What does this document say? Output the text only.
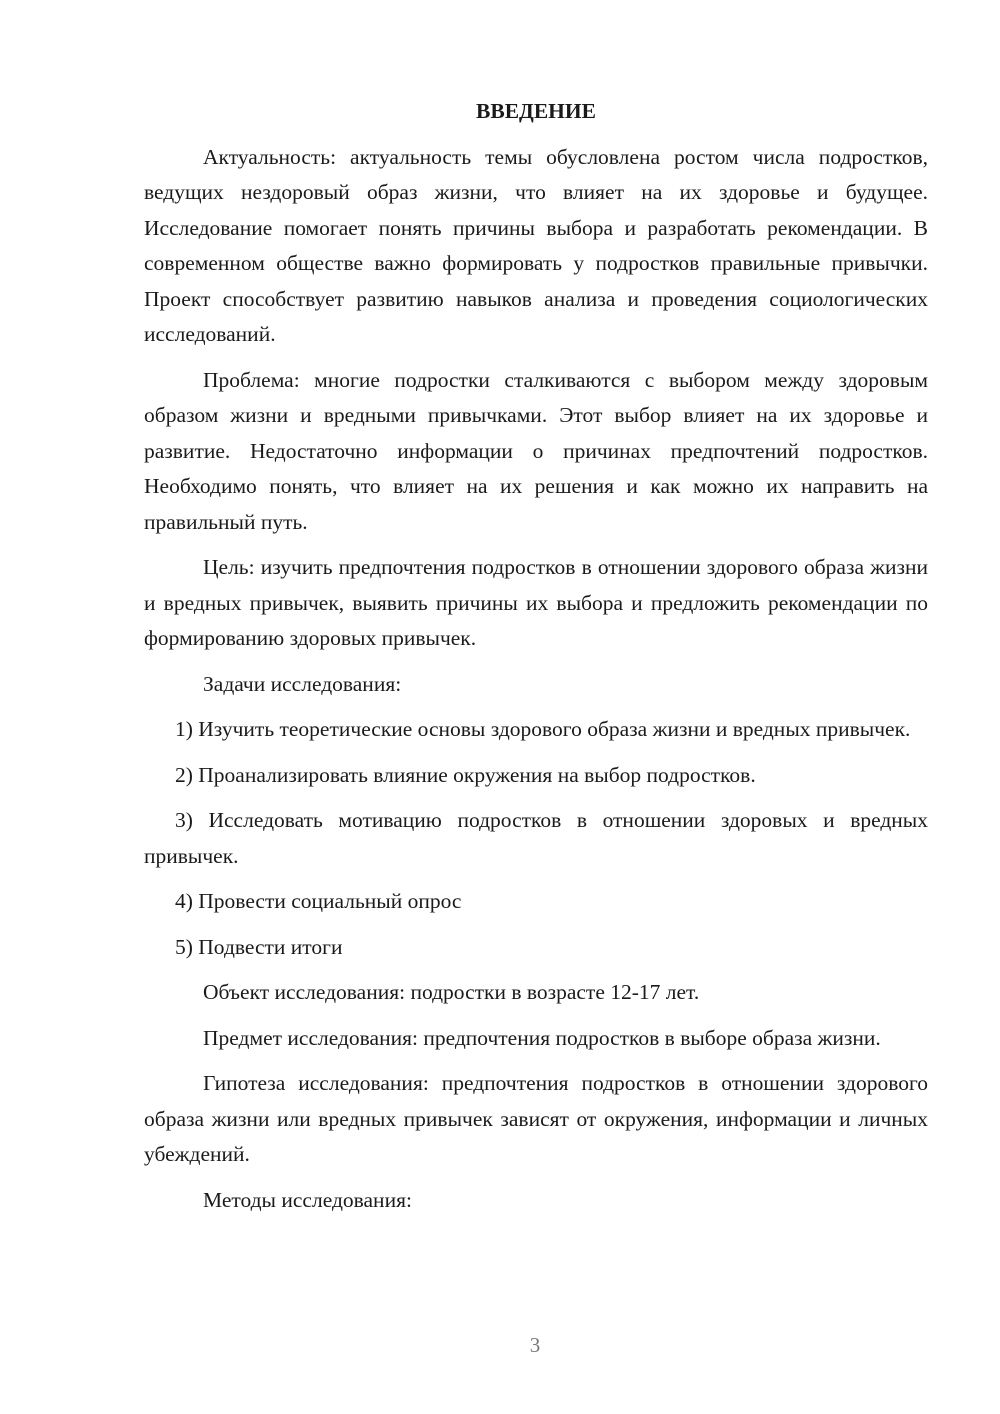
ВВЕДЕНИЕ

Актуальность: актуальность темы обусловлена ростом числа подростков, ведущих нездоровый образ жизни, что влияет на их здоровье и будущее. Исследование помогает понять причины выбора и разработать рекомендации. В современном обществе важно формировать у подростков правильные привычки. Проект способствует развитию навыков анализа и проведения социологических исследований.

Проблема: многие подростки сталкиваются с выбором между здоровым образом жизни и вредными привычками. Этот выбор влияет на их здоровье и развитие. Недостаточно информации о причинах предпочтений подростков. Необходимо понять, что влияет на их решения и как можно их направить на правильный путь.

Цель: изучить предпочтения подростков в отношении здорового образа жизни и вредных привычек, выявить причины их выбора и предложить рекомендации по формированию здоровых привычек.

Задачи исследования:

1) Изучить теоретические основы здорового образа жизни и вредных привычек.

2) Проанализировать влияние окружения на выбор подростков.

3) Исследовать мотивацию подростков в отношении здоровых и вредных привычек.

4) Провести социальный опрос

5) Подвести итоги

Объект исследования: подростки в возрасте 12-17 лет.

Предмет исследования: предпочтения подростков в выборе образа жизни.

Гипотеза исследования: предпочтения подростков в отношении здорового образа жизни или вредных привычек зависят от окружения, информации и личных убеждений.

Методы исследования:

3
